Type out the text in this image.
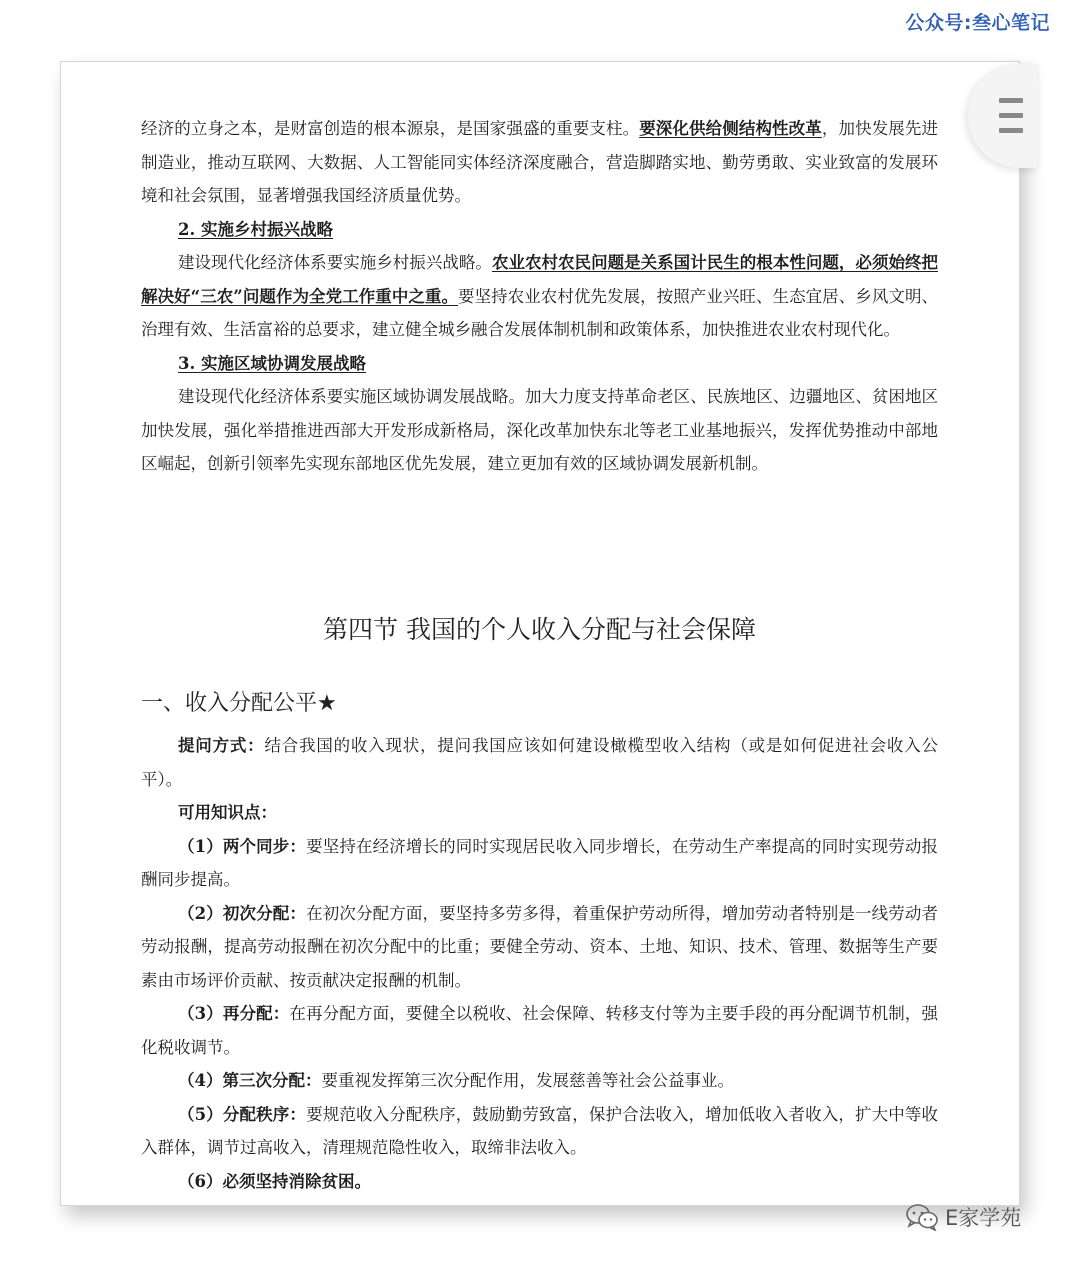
公众号:叁心笔记

经济的立身之本，是财富创造的根本源泉，是国家强盛的重要支柱。要深化供给侧结构性改革，加快发展先进制造业，推动互联网、大数据、人工智能同实体经济深度融合，营造脚踏实地、勤劳勇敢、实业致富的发展环境和社会氛围，显著增强我国经济质量优势。

2. 实施乡村振兴战略

建设现代化经济体系要实施乡村振兴战略。农业农村农民问题是关系国计民生的根本性问题，必须始终把解决好“三农”问题作为全党工作重中之重。要坚持农业农村优先发展，按照产业兴旺、生态宜居、乡风文明、治理有效、生活富裕的总要求，建立健全城乡融合发展体制机制和政策体系，加快推进农业农村现代化。

3. 实施区域协调发展战略

建设现代化经济体系要实施区域协调发展战略。加大力度支持革命老区、民族地区、边疆地区、贫困地区加快发展，强化举措推进西部大开发形成新格局，深化改革加快东北等老工业基地振兴，发挥优势推动中部地区崛起，创新引领率先实现东部地区优先发展，建立更加有效的区域协调发展新机制。

第四节 我国的个人收入分配与社会保障
一、收入分配公平★

提问方式：结合我国的收入现状，提问我国应该如何建设橄榄型收入结构（或是如何促进社会收入公平）。

可用知识点：

（1）两个同步：要坚持在经济增长的同时实现居民收入同步增长，在劳动生产率提高的同时实现劳动报酬同步提高。

（2）初次分配：在初次分配方面，要坚持多劳多得，着重保护劳动所得，增加劳动者特别是一线劳动者劳动报酬，提高劳动报酬在初次分配中的比重；要健全劳动、资本、土地、知识、技术、管理、数据等生产要素由市场评价贡献、按贡献决定报酬的机制。

（3）再分配：在再分配方面，要健全以税收、社会保障、转移支付等为主要手段的再分配调节机制，强化税收调节。

（4）第三次分配：要重视发挥第三次分配作用，发展慈善等社会公益事业。

（5）分配秩序：要规范收入分配秩序，鼓励勤劳致富，保护合法收入，增加低收入者收入，扩大中等收入群体，调节过高收入，清理规范隐性收入，取缔非法收入。

（6）必须坚持消除贫困。

E家学苑
